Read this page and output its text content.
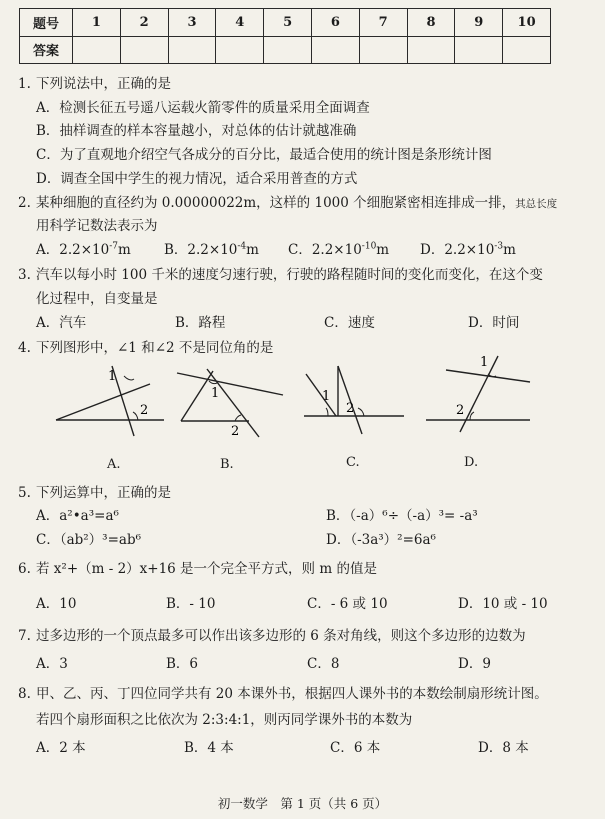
题号	1	2	3	4	5	6	7	8	9	10
答案										
1. 下列说法中，正确的是
A．检测长征五号遥八运载火箭零件的质量采用全面调查
B．抽样调查的样本容量越小，对总体的估计就越准确
C．为了直观地介绍空气各成分的百分比，最适合使用的统计图是条形统计图
D．调查全国中学生的视力情况，适合采用普查的方式
2. 某种细胞的直径约为 0.00000022m，这样的 1000 个细胞紧密相连排成一排，其总长度
用科学记数法表示为
A．$2.2\times 10^{-7}m$ B．$2.2\times 10^{-4}m$ C．$2.2\times 10^{-10}m$ D．$2.2\times 10^{-3}m$
3. 汽车以每小时 100 千米的速度匀速行驶，行驶的路程随时间的变化而变化，在这个变
化过程中，自变量是
A．汽车	B．路程	C．速度	D．时间
4. 下列图形中，∠1 和∠2 不是同位角的是
1
2
A.
1
2
B.
1
2
C.
1
2
D.
5. 下列运算中，正确的是
A．a²•a³=a⁶	B．（-a）⁶÷（-a）³= -a³
C．（ab²）³=ab⁶	D．（-3a³）²=6a⁶
6. 若 x²+（m - 2）x+16 是一个完全平方式，则 m 的值是
A．10	B．- 10	C．- 6 或 10	D．10 或 - 10
7. 过多边形的一个顶点最多可以作出该多边形的 6 条对角线，则这个多边形的边数为
A．3	B．6	C．8	D．9
8. 甲、乙、丙、丁四位同学共有 20 本课外书，根据四人课外书的本数绘制扇形统计图。
若四个扇形面积之比依次为 2:3:4:1，则丙同学课外书的本数为
A．2 本	B．4 本	C．6 本	D．8 本
初一数学　第 1 页（共 6 页）
